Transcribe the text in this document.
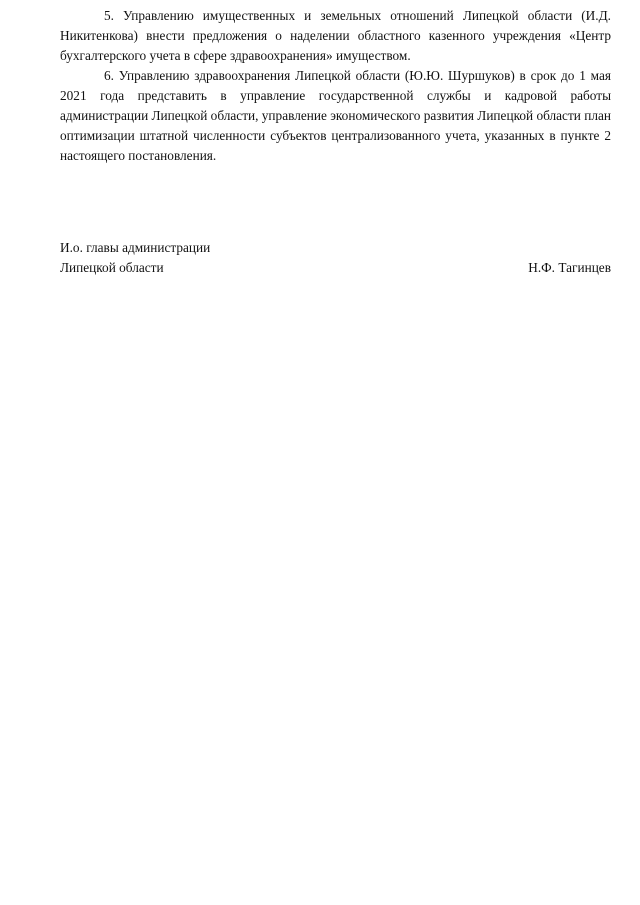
5. Управлению имущественных и земельных отношений Липецкой области (И.Д. Никитенкова) внести предложения о наделении областного казенного учреждения «Центр бухгалтерского учета в сфере здравоохранения» имуществом.

6. Управлению здравоохранения Липецкой области (Ю.Ю. Шуршуков) в срок до 1 мая 2021 года представить в управление государственной службы и кадровой работы администрации Липецкой области, управление экономического развития Липецкой области план оптимизации штатной численности субъектов централизованного учета, указанных в пункте 2 настоящего постановления.

И.о. главы администрации
Липецкой области	Н.Ф. Тагинцев
